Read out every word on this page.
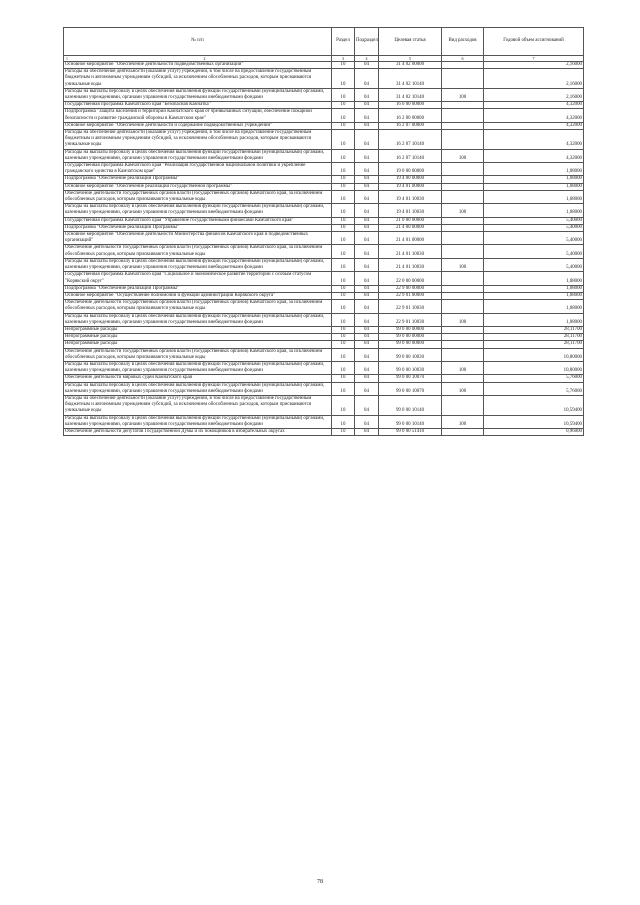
№ п/п	Раздел	Подраздел	Целевая статья	Вид расходов	Годовой объем ассигнований

1 2	3	4	5	6	7
Основное мероприятие "Обеспечение деятельности подведомственных организаций"	10	04	31 4 02 00000		2,16000
Расходы на обеспечение деятельности (оказание услуг) учреждений, в том числе на предоставление государственным бюджетным и автономным учреждениям субсидий, за исключением обособленных расходов, которым присваиваются уникальные коды	10	04	31 4 02 10140		2,16000
Расходы на выплаты персоналу в целях обеспечения выполнения функций государственными (муниципальными) органами, казенными учреждениями, органами управления государственными внебюджетными фондами	10	04	31 4 02 10140	100	2,16000
Государственная программа Камчатского края "Безопасная Камчатка"	10	04	16 0 00 00000		4,32000
Подпрограмма "Защита населения и территорий Камчатского края от чрезвычайных ситуаций, обеспечение пожарной безопасности и развитие гражданской обороны в Камчатском крае"	10	04	16 2 00 00000		4,32000
Основное мероприятие "Обеспечение деятельности и содержание подведомственных учреждений"	10	04	16 2 07 00000		4,32000
Расходы на обеспечение деятельности (оказание услуг) учреждений, в том числе на предоставление государственным бюджетным и автономным учреждениям субсидий, за исключением обособленных расходов, которым присваиваются уникальные коды	10	04	16 2 07 10140		4,32000
Расходы на выплаты персоналу в целях обеспечения выполнения функций государственными (муниципальными) органами, казенными учреждениями, органами управления государственными внебюджетными фондами	10	04	16 2 07 10140	100	4,32000
Государственная программа Камчатского края "Реализация государственной национальной политики и укрепление гражданского единства в Камчатском крае"	10	04	19 0 00 00000		1,08000
Подпрограмма "Обеспечение реализации Программы"	10	04	19 4 00 00000		1,08000
Основное мероприятие "Обеспечение реализации государственной программы"	10	04	19 4 01 00000		1,08000
Обеспечение деятельности государственных органов власти (государственных органов) Камчатского края, за исключением обособленных расходов, которым присваиваются уникальные коды	10	04	19 4 01 10030		1,08000
Расходы на выплаты персоналу в целях обеспечения выполнения функций государственными (муниципальными) органами, казенными учреждениями, органами управления государственными внебюджетными фондами	10	04	19 4 01 10030	100	1,08000
Государственная программа Камчатского края "Управление государственными финансами Камчатского края"	10	04	21 0 00 00000		5,40000
Подпрограмма "Обеспечение реализации Программы"	10	04	21 4 00 00000		5,40000
Основное мероприятие "Обеспечение деятельности Министерства финансов Камчатского края и подведомственных организаций"	10	04	21 4 01 00000		5,40000
Обеспечение деятельности государственных органов власти (государственных органов) Камчатского края, за исключением обособленных расходов, которым присваиваются уникальные коды	10	04	21 4 01 10030		5,40000
Расходы на выплаты персоналу в целях обеспечения выполнения функций государственными (муниципальными) органами, казенными учреждениями, органами управления государственными внебюджетными фондами	10	04	21 4 01 10030	100	5,40000
Государственная программа Камчатского края "Социальное и экономическое развитие территории с особым статусом "Корякский округ"	10	04	22 0 00 00000		1,08000
Подпрограмма "Обеспечение реализации Программы"	10	04	22 9 00 00000		1,08000
Основное мероприятие "Осуществление полномочий и функций администрации Корякского округа"	10	04	22 9 01 00000		1,08000
Обеспечение деятельности государственных органов власти (государственных органов) Камчатского края, за исключением обособленных расходов, которым присваиваются уникальные коды	10	04	22 9 01 10030		1,08000
Расходы на выплаты персоналу в целях обеспечения выполнения функций государственными (муниципальными) органами, казенными учреждениями, органами управления государственными внебюджетными фондами	10	04	22 9 01 10030	100	1,08000
Непрограммные расходы	10	04	99 0 00 00000		28,11700
Непрограммные расходы	10	04	99 0 00 00000		28,11700
Непрограммные расходы	10	04	99 0 00 00000		28,11700
Обеспечение деятельности государственных органов власти (государственных органов) Камчатского края, за исключением обособленных расходов, которым присваиваются уникальные коды	10	04	99 0 00 10030		10,80000
Расходы на выплаты персоналу в целях обеспечения выполнения функций государственными (муниципальными) органами, казенными учреждениями, органами управления государственными внебюджетными фондами	10	04	99 0 00 10030	100	10,80000
Обеспечение деятельности мировых судей Камчатского края	10	04	99 0 00 10070		5,76000
Расходы на выплаты персоналу в целях обеспечения выполнения функций государственными (муниципальными) органами, казенными учреждениями, органами управления государственными внебюджетными фондами	10	04	99 0 00 10070	100	5,76000
Расходы на обеспечение деятельности (оказание услуг) учреждений, в том числе на предоставление государственным бюджетным и автономным учреждениям субсидий, за исключением обособленных расходов, которым присваиваются уникальные коды	10	04	99 0 00 10140		10,59400
Расходы на выплаты персоналу в целях обеспечения выполнения функций государственными (муниципальными) органами, казенными учреждениями, органами управления государственными внебюджетными фондами	10	04	99 0 00 10140	100	10,59400
Обеспечение деятельности депутатов Государственной Думы и их помощников в избирательных округах	10	04	99 0 00 51410		0,96000
78
